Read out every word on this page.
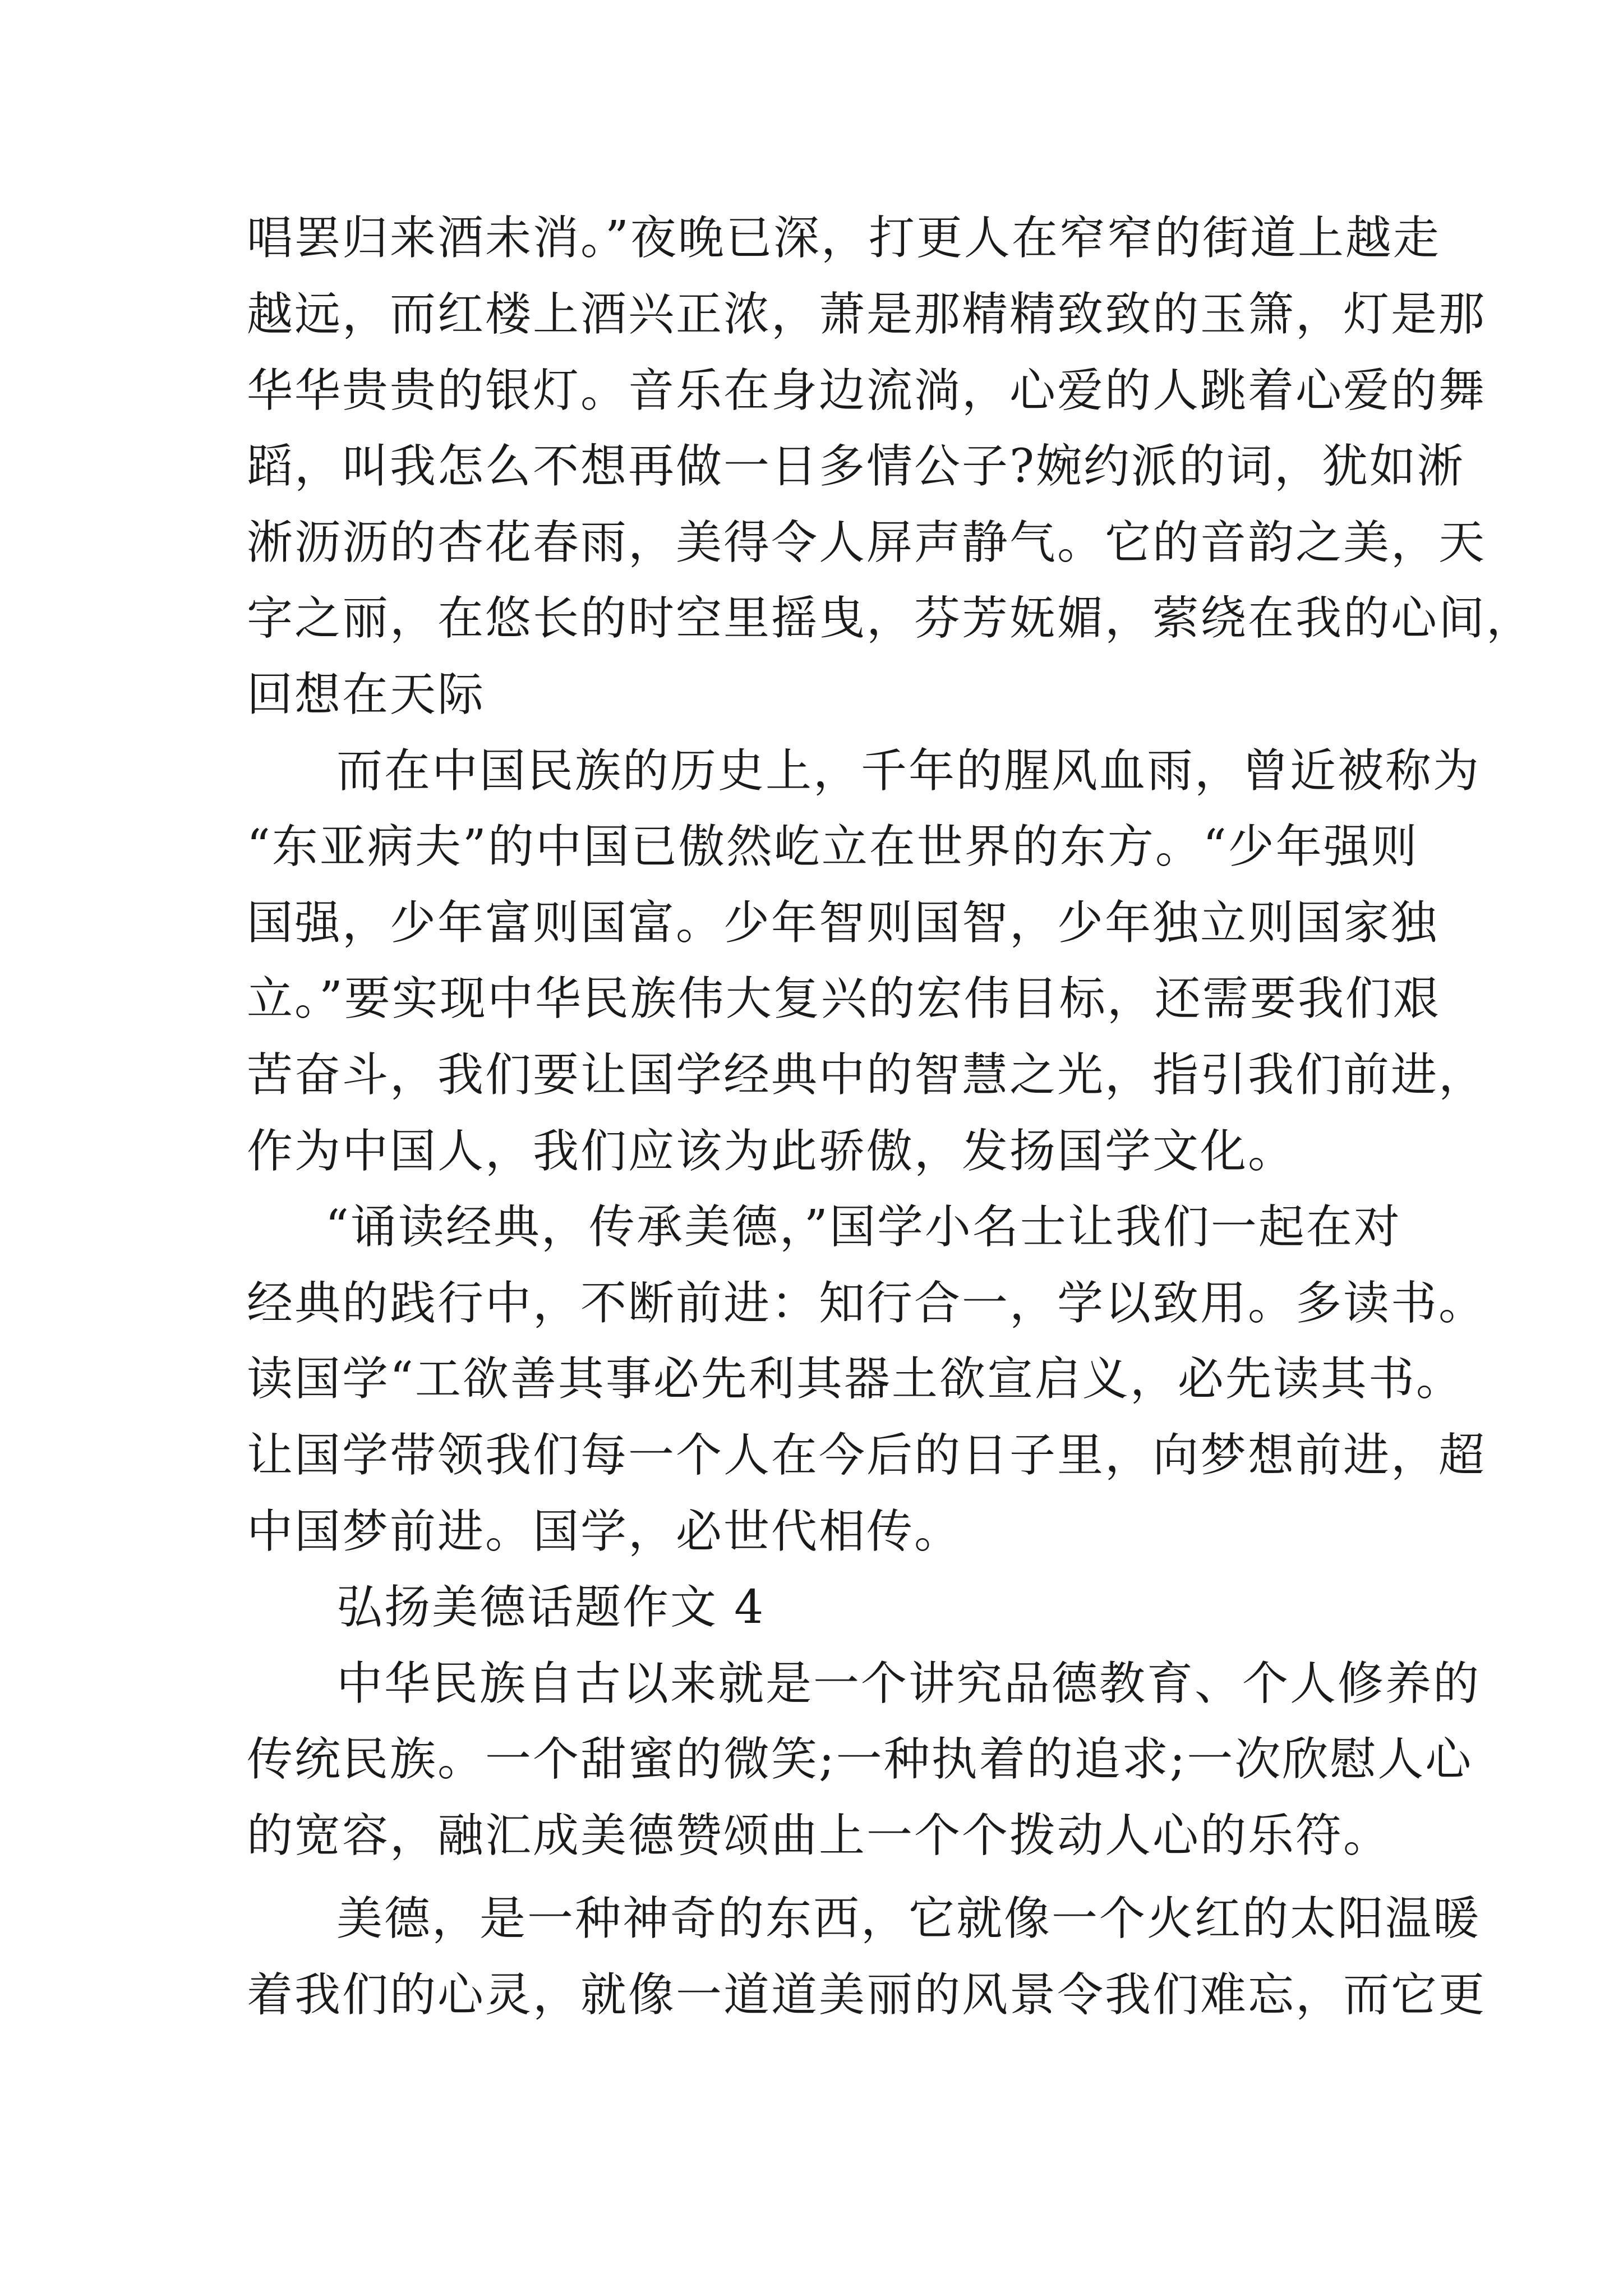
唱罢归来酒未消。”夜晚已深，打更人在窄窄的街道上越走
越远，而红楼上酒兴正浓，萧是那精精致致的玉箫，灯是那
华华贵贵的银灯。音乐在身边流淌，心爱的人跳着心爱的舞
蹈，叫我怎么不想再做一日多情公子?婉约派的词，犹如淅
淅沥沥的杏花春雨，美得令人屏声静气。它的音韵之美，天
字之丽，在悠长的时空里摇曳，芬芳妩媚，萦绕在我的心间，
回想在天际
而在中国民族的历史上，千年的腥风血雨，曾近被称为
“东亚病夫”的中国已傲然屹立在世界的东方。“少年强则
国强，少年富则国富。少年智则国智，少年独立则国家独
立。”要实现中华民族伟大复兴的宏伟目标，还需要我们艰
苦奋斗，我们要让国学经典中的智慧之光，指引我们前进，
作为中国人，我们应该为此骄傲，发扬国学文化。
“诵读经典，传承美德，”国学小名士让我们一起在对
经典的践行中，不断前进：知行合一，学以致用。多读书。
读国学“工欲善其事必先利其器土欲宣启义，必先读其书。
让国学带领我们每一个人在今后的日子里，向梦想前进，超
中国梦前进。国学，必世代相传。
弘扬美德话题作文 4
中华民族自古以来就是一个讲究品德教育、个人修养的
传统民族。一个甜蜜的微笑;一种执着的追求;一次欣慰人心
的宽容，融汇成美德赞颂曲上一个个拨动人心的乐符。
美德，是一种神奇的东西，它就像一个火红的太阳温暖
着我们的心灵，就像一道道美丽的风景令我们难忘，而它更
